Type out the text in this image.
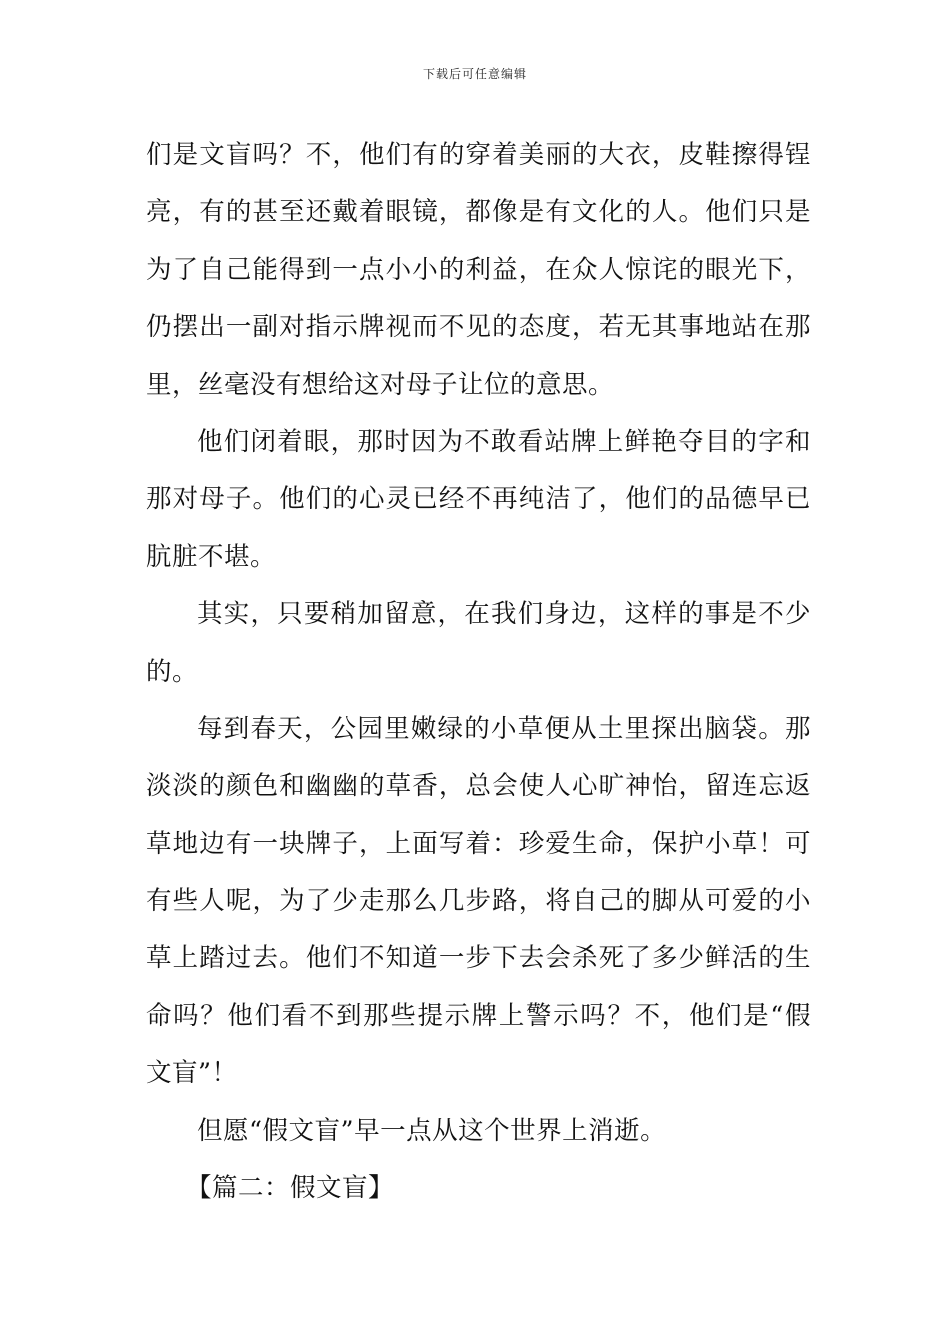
下载后可任意编辑
们是文盲吗？不，他们有的穿着美丽的大衣，皮鞋擦得锃
亮，有的甚至还戴着眼镜，都像是有文化的人。他们只是
为了自己能得到一点小小的利益，在众人惊诧的眼光下，
仍摆出一副对指示牌视而不见的态度，若无其事地站在那
里，丝毫没有想给这对母子让位的意思。
他们闭着眼，那时因为不敢看站牌上鲜艳夺目的字和
那对母子。他们的心灵已经不再纯洁了，他们的品德早已
肮脏不堪。
其实，只要稍加留意，在我们身边，这样的事是不少
的。
每到春天，公园里嫩绿的小草便从土里探出脑袋。那
淡淡的颜色和幽幽的草香，总会使人心旷神怡，留连忘返
草地边有一块牌子，上面写着：珍爱生命，保护小草！可
有些人呢，为了少走那么几步路，将自己的脚从可爱的小
草上踏过去。他们不知道一步下去会杀死了多少鲜活的生
命吗？他们看不到那些提示牌上警示吗？不，他们是“假
文盲”！
但愿“假文盲”早一点从这个世界上消逝。
【篇二：假文盲】
